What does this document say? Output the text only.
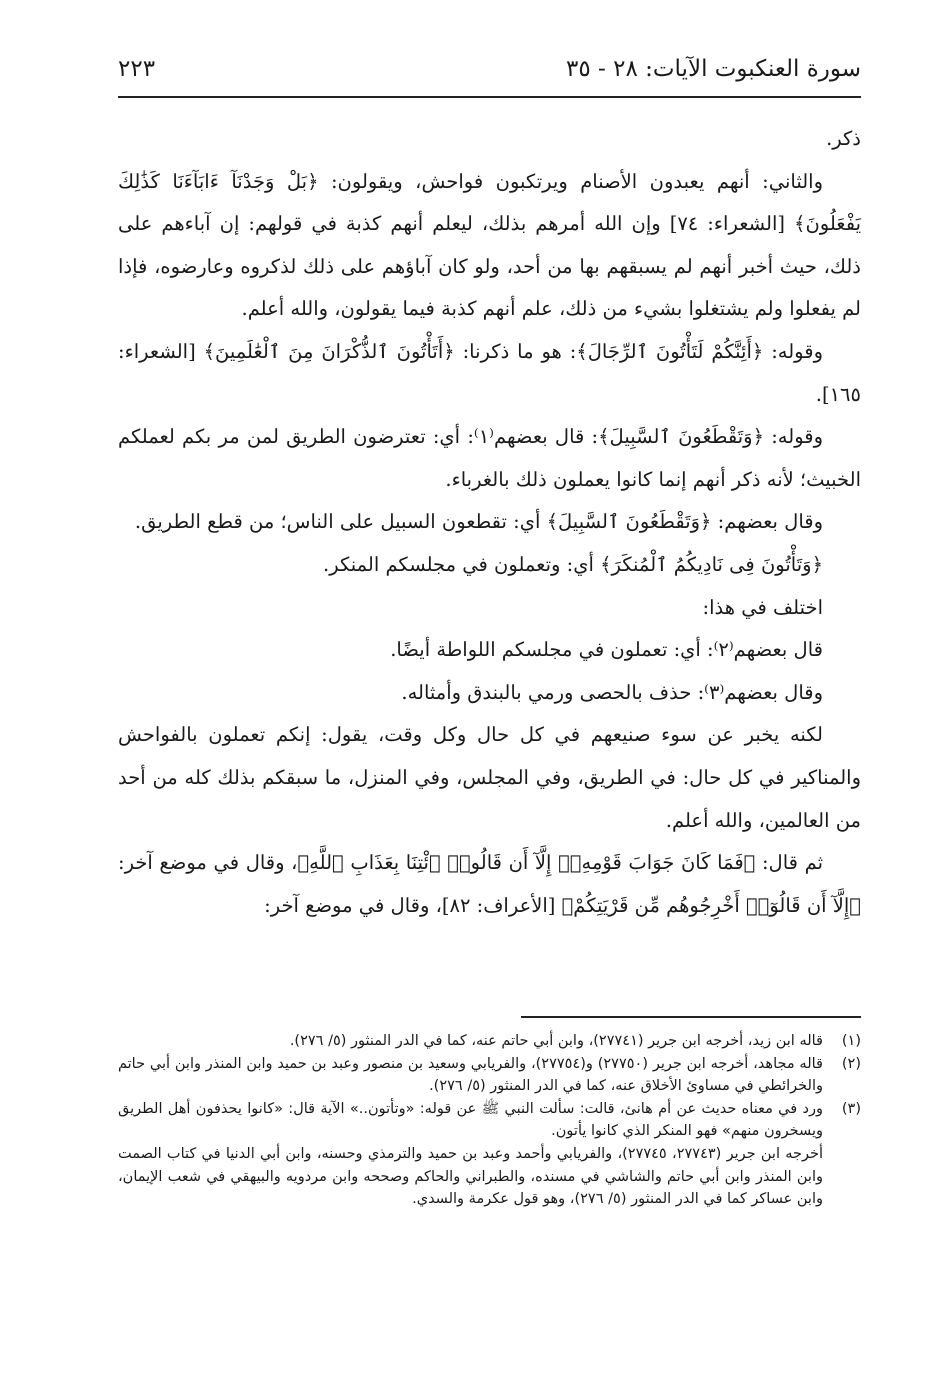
سورة العنكبوت الآيات: ٢٨ - ٣٥
٢٢٣

ذكر.

والثاني: أنهم يعبدون الأصنام ويرتكبون فواحش، ويقولون: ﴿بَلْ وَجَدْنَآ ءَابَآءَنَا كَذَٰلِكَ يَفْعَلُونَ﴾ [الشعراء: ٧٤] وإن الله أمرهم بذلك، ليعلم أنهم كذبة في قولهم: إن آباءهم على ذلك، حيث أخبر أنهم لم يسبقهم بها من أحد، ولو كان آباؤهم على ذلك لذكروه وعارضوه، فإذا لم يفعلوا ولم يشتغلوا بشيء من ذلك، علم أنهم كذبة فيما يقولون، والله أعلم.

وقوله: ﴿أَئِنَّكُمْ لَتَأْتُونَ ٱلرِّجَالَ﴾: هو ما ذكرنا: ﴿أَتَأْتُونَ ٱلذُّكْرَانَ مِنَ ٱلْعَٰلَمِينَ﴾ [الشعراء: ١٦٥].

وقوله: ﴿وَتَقْطَعُونَ ٱلسَّبِيلَ﴾: قال بعضهم⁽١⁾: أي: تعترضون الطريق لمن مر بكم لعملكم الخبيث؛ لأنه ذكر أنهم إنما كانوا يعملون ذلك بالغرباء.

وقال بعضهم: ﴿وَتَقْطَعُونَ ٱلسَّبِيلَ﴾ أي: تقطعون السبيل على الناس؛ من قطع الطريق.

﴿وَتَأْتُونَ فِى نَادِيكُمُ ٱلْمُنكَرَ﴾ أي: وتعملون في مجلسكم المنكر.

اختلف في هذا:

قال بعضهم⁽٢⁾: أي: تعملون في مجلسكم اللواطة أيضًا.

وقال بعضهم⁽٣⁾: حذف بالحصى ورمي بالبندق وأمثاله.

لكنه يخبر عن سوء صنيعهم في كل حال وكل وقت، يقول: إنكم تعملون بالفواحش والمناكير في كل حال: في الطريق، وفي المجلس، وفي المنزل، ما سبقكم بذلك كله من أحد من العالمين، والله أعلم.

ثم قال: ﴿فَمَا كَانَ جَوَابَ قَوْمِهِۦٓ إِلَّآ أَن قَالُوا۟ ٱئْتِنَا بِعَذَابِ ٱللَّهِ﴾، وقال في موضع آخر: ﴿إِلَّآ أَن قَالُوٓا۟ أَخْرِجُوهُم مِّن قَرْيَتِكُمْ﴾ [الأعراف: ٨٢]، وقال في موضع آخر:

(١)
قاله ابن زيد، أخرجه ابن جرير (٢٧٧٤١)، وابن أبي حاتم عنه، كما في الدر المنثور (٥/ ٢٧٦).
(٢)
قاله مجاهد، أخرجه ابن جرير (٢٧٧٥٠) و(٢٧٧٥٤)، والفريابي وسعيد بن منصور وعبد بن حميد وابن المنذر وابن أبي حاتم والخرائطي في مساوئ الأخلاق عنه، كما في الدر المنثور (٥/ ٢٧٦).
(٣)
ورد في معناه حديث عن أم هانئ، قالت: سألت النبي ﷺ عن قوله: «وتأتون..» الآية قال: «كانوا يحذفون أهل الطريق ويسخرون منهم» فهو المنكر الذي كانوا يأتون.
أخرجه ابن جرير (٢٧٧٤٣، ٢٧٧٤٥)، والفريابي وأحمد وعبد بن حميد والترمذي وحسنه، وابن أبي الدنيا في كتاب الصمت وابن المنذر وابن أبي حاتم والشاشي في مسنده، والطبراني والحاكم وصححه وابن مردويه والبيهقي في شعب الإيمان، وابن عساكر كما في الدر المنثور (٥/ ٢٧٦)، وهو قول عكرمة والسدي.
